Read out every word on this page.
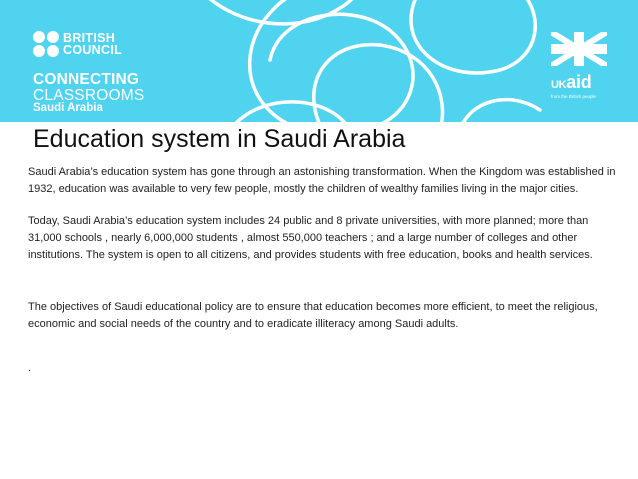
BRITISH
COUNCIL
CONNECTING
CLASSROOMS
Saudi Arabia
UKaid
from the British people
Education system in Saudi Arabia

Saudi Arabia’s education system has gone through an astonishing transformation. When the Kingdom was established in 1932, education was available to very few people, mostly the children of wealthy families living in the major cities.

Today, Saudi Arabia’s education system includes 24 public and 8 private universities, with more planned; more than 31,000 schools , nearly 6,000,000 students , almost 550,000 teachers ; and a large number of colleges and other institutions. The system is open to all citizens, and provides students with free education, books and health services.

The objectives of Saudi educational policy are to ensure that education becomes more efficient, to meet the religious, economic and social needs of the country and to eradicate illiteracy among Saudi adults.

.
